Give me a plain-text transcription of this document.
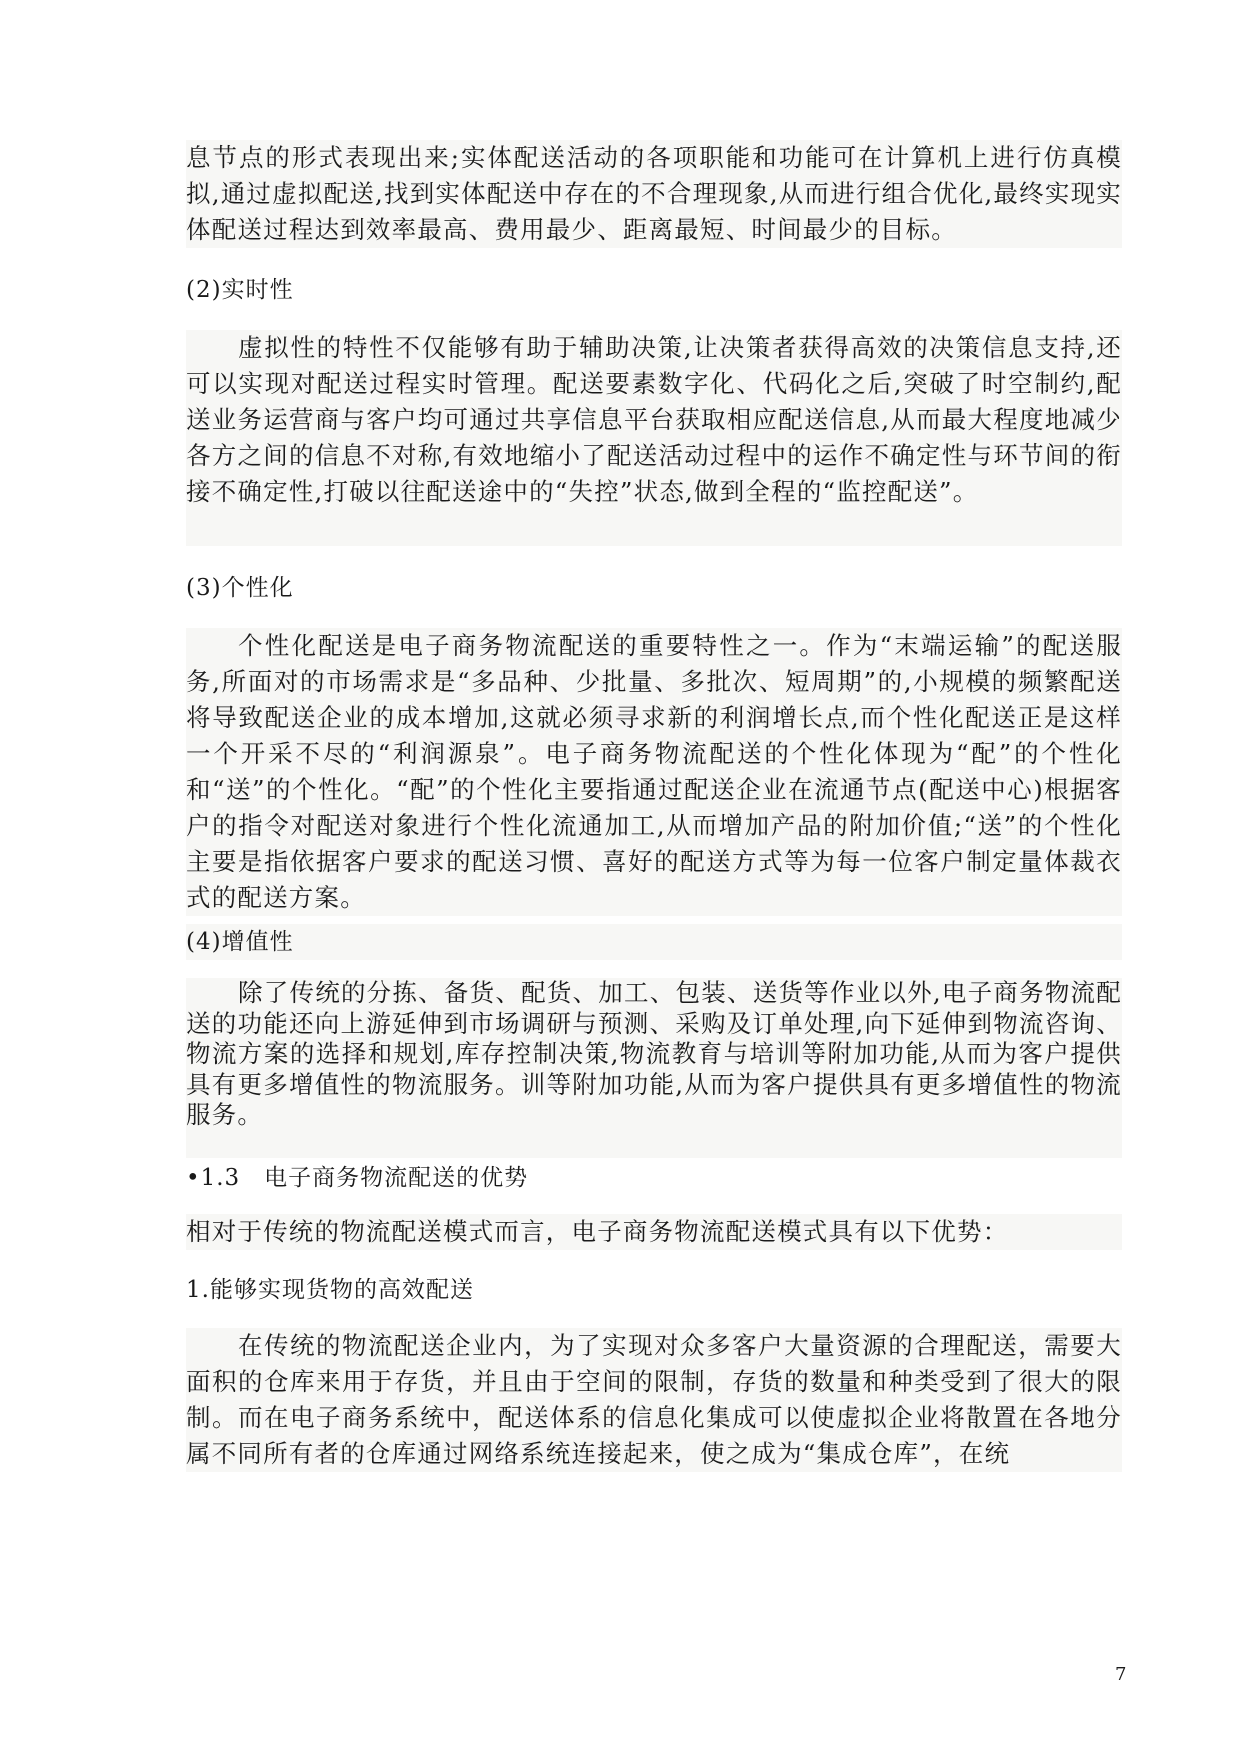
息节点的形式表现出来;实体配送活动的各项职能和功能可在计算机上进行仿真模拟,通过虚拟配送,找到实体配送中存在的不合理现象,从而进行组合优化,最终实现实体配送过程达到效率最高、费用最少、距离最短、时间最少的目标。

(2)实时性

虚拟性的特性不仅能够有助于辅助决策,让决策者获得高效的决策信息支持,还可以实现对配送过程实时管理。配送要素数字化、代码化之后,突破了时空制约,配送业务运营商与客户均可通过共享信息平台获取相应配送信息,从而最大程度地减少各方之间的信息不对称,有效地缩小了配送活动过程中的运作不确定性与环节间的衔接不确定性,打破以往配送途中的“失控”状态,做到全程的“监控配送”。

(3)个性化

个性化配送是电子商务物流配送的重要特性之一。作为“末端运输”的配送服务,所面对的市场需求是“多品种、少批量、多批次、短周期”的,小规模的频繁配送将导致配送企业的成本增加,这就必须寻求新的利润增长点,而个性化配送正是这样一个开采不尽的“利润源泉”。电子商务物流配送的个性化体现为“配”的个性化和“送”的个性化。“配”的个性化主要指通过配送企业在流通节点(配送中心)根据客户的指令对配送对象进行个性化流通加工,从而增加产品的附加价值;“送”的个性化主要是指依据客户要求的配送习惯、喜好的配送方式等为每一位客户制定量体裁衣式的配送方案。

(4)增值性

除了传统的分拣、备货、配货、加工、包装、送货等作业以外,电子商务物流配送的功能还向上游延伸到市场调研与预测、采购及订单处理,向下延伸到物流咨询、物流方案的选择和规划,库存控制决策,物流教育与培训等附加功能,从而为客户提供具有更多增值性的物流服务。训等附加功能,从而为客户提供具有更多增值性的物流服务。

•1.3　电子商务物流配送的优势

相对于传统的物流配送模式而言，电子商务物流配送模式具有以下优势：

1.能够实现货物的高效配送

在传统的物流配送企业内，为了实现对众多客户大量资源的合理配送，需要大面积的仓库来用于存货，并且由于空间的限制，存货的数量和种类受到了很大的限制。而在电子商务系统中，配送体系的信息化集成可以使虚拟企业将散置在各地分属不同所有者的仓库通过网络系统连接起来，使之成为“集成仓库”，在统

7
